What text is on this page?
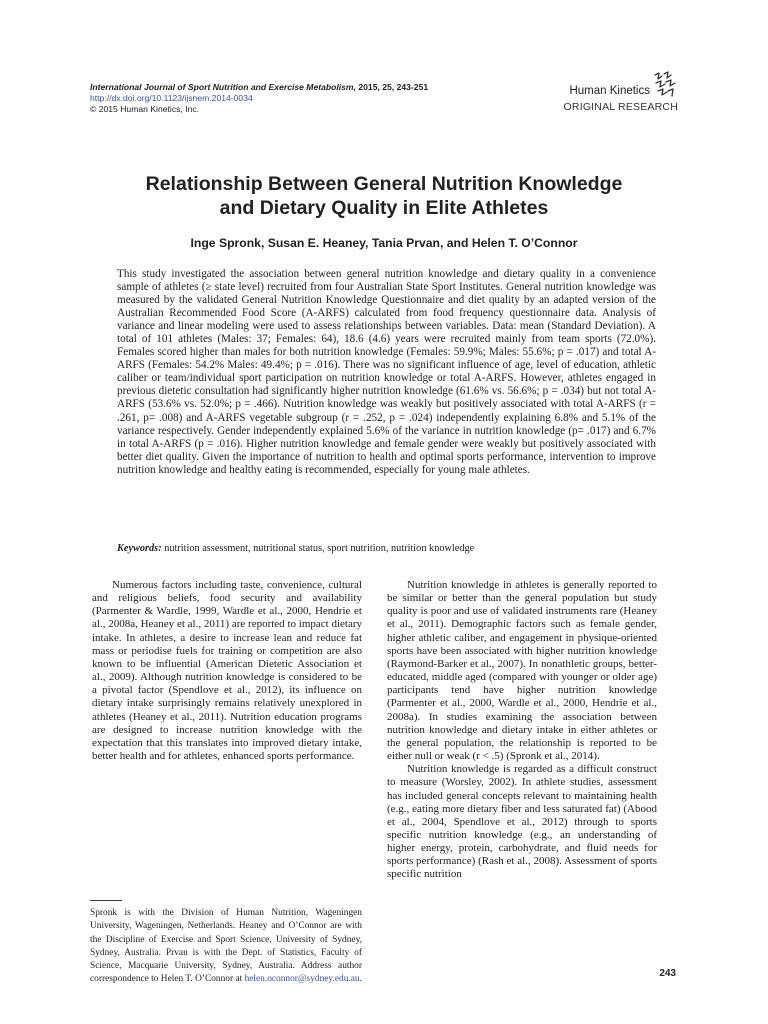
International Journal of Sport Nutrition and Exercise Metabolism, 2015, 25, 243-251
http://dx.doi.org/10.1123/ijsnem.2014-0034
© 2015 Human Kinetics, Inc.
Human Kinetics
ORIGINAL RESEARCH
Relationship Between General Nutrition Knowledge
and Dietary Quality in Elite Athletes
Inge Spronk, Susan E. Heaney, Tania Prvan, and Helen T. O’Connor
This study investigated the association between general nutrition knowledge and dietary quality in a convenience sample of athletes (≥ state level) recruited from four Australian State Sport Institutes. General nutrition knowledge was measured by the validated General Nutrition Knowledge Questionnaire and diet quality by an adapted version of the Australian Recommended Food Score (A-ARFS) calculated from food frequency questionnaire data. Analysis of variance and linear modeling were used to assess relationships between variables. Data: mean (Standard Deviation). A total of 101 athletes (Males: 37; Females: 64), 18.6 (4.6) years were recruited mainly from team sports (72.0%). Females scored higher than males for both nutrition knowledge (Females: 59.9%; Males: 55.6%; p = .017) and total A-ARFS (Females: 54.2% Males: 49.4%; p = .016). There was no significant influence of age, level of education, athletic caliber or team/individual sport participation on nutrition knowledge or total A-ARFS. However, athletes engaged in previous dietetic consultation had significantly higher nutrition knowledge (61.6% vs. 56.6%; p = .034) but not total A-ARFS (53.6% vs. 52.0%; p = .466). Nutrition knowledge was weakly but positively associated with total A-ARFS (r = .261, p= .008) and A-ARFS vegetable subgroup (r = .252, p = .024) independently explaining 6.8% and 5.1% of the variance respectively. Gender independently explained 5.6% of the variance in nutrition knowledge (p= .017) and 6.7% in total A-ARFS (p = .016). Higher nutrition knowledge and female gender were weakly but positively associated with better diet quality. Given the importance of nutrition to health and optimal sports performance, intervention to improve nutrition knowledge and healthy eating is recommended, especially for young male athletes.
Keywords: nutrition assessment, nutritional status, sport nutrition, nutrition knowledge

Numerous factors including taste, convenience, cultural and religious beliefs, food security and availability (Parmenter & Wardle, 1999, Wardle et al., 2000, Hendrie et al., 2008a, Heaney et al., 2011) are reported to impact dietary intake. In athletes, a desire to increase lean and reduce fat mass or periodise fuels for training or competition are also known to be influential (American Dietetic Association et al., 2009). Although nutrition knowledge is considered to be a pivotal factor (Spendlove et al., 2012), its influence on dietary intake surprisingly remains relatively unexplored in athletes (Heaney et al., 2011). Nutrition education programs are designed to increase nutrition knowledge with the expectation that this translates into improved dietary intake, better health and for athletes, enhanced sports performance.

Nutrition knowledge in athletes is generally reported to be similar or better than the general population but study quality is poor and use of validated instruments rare (Heaney et al., 2011). Demographic factors such as female gender, higher athletic caliber, and engagement in physique-oriented sports have been associated with higher nutrition knowledge (Raymond-Barker et al., 2007). In nonathletic groups, better-educated, middle aged (compared with younger or older age) participants tend have higher nutrition knowledge (Parmenter et al., 2000, Wardle et al., 2000, Hendrie et al., 2008a). In studies examining the association between nutrition knowledge and dietary intake in either athletes or the general population, the relationship is reported to be either null or weak (r < .5) (Spronk et al., 2014).

Nutrition knowledge is regarded as a difficult construct to measure (Worsley, 2002). In athlete studies, assessment has included general concepts relevant to maintaining health (e.g., eating more dietary fiber and less saturated fat) (Abood et al., 2004, Spendlove et al., 2012) through to sports specific nutrition knowledge (e.g., an understanding of higher energy, protein, carbohydrate, and fluid needs for sports performance) (Rash et al., 2008). Assessment of sports specific nutrition

Spronk is with the Division of Human Nutrition, Wageningen University, Wageningen, Netherlands. Heaney and O’Connor are with the Discipline of Exercise and Sport Science, University of Sydney, Sydney, Australia. Prvan is with the Dept. of Statistics, Faculty of Science, Macquarie University, Sydney, Australia. Address author correspondence to Helen T. O’Connor at helen.oconnor@sydney.edu.au.
243
